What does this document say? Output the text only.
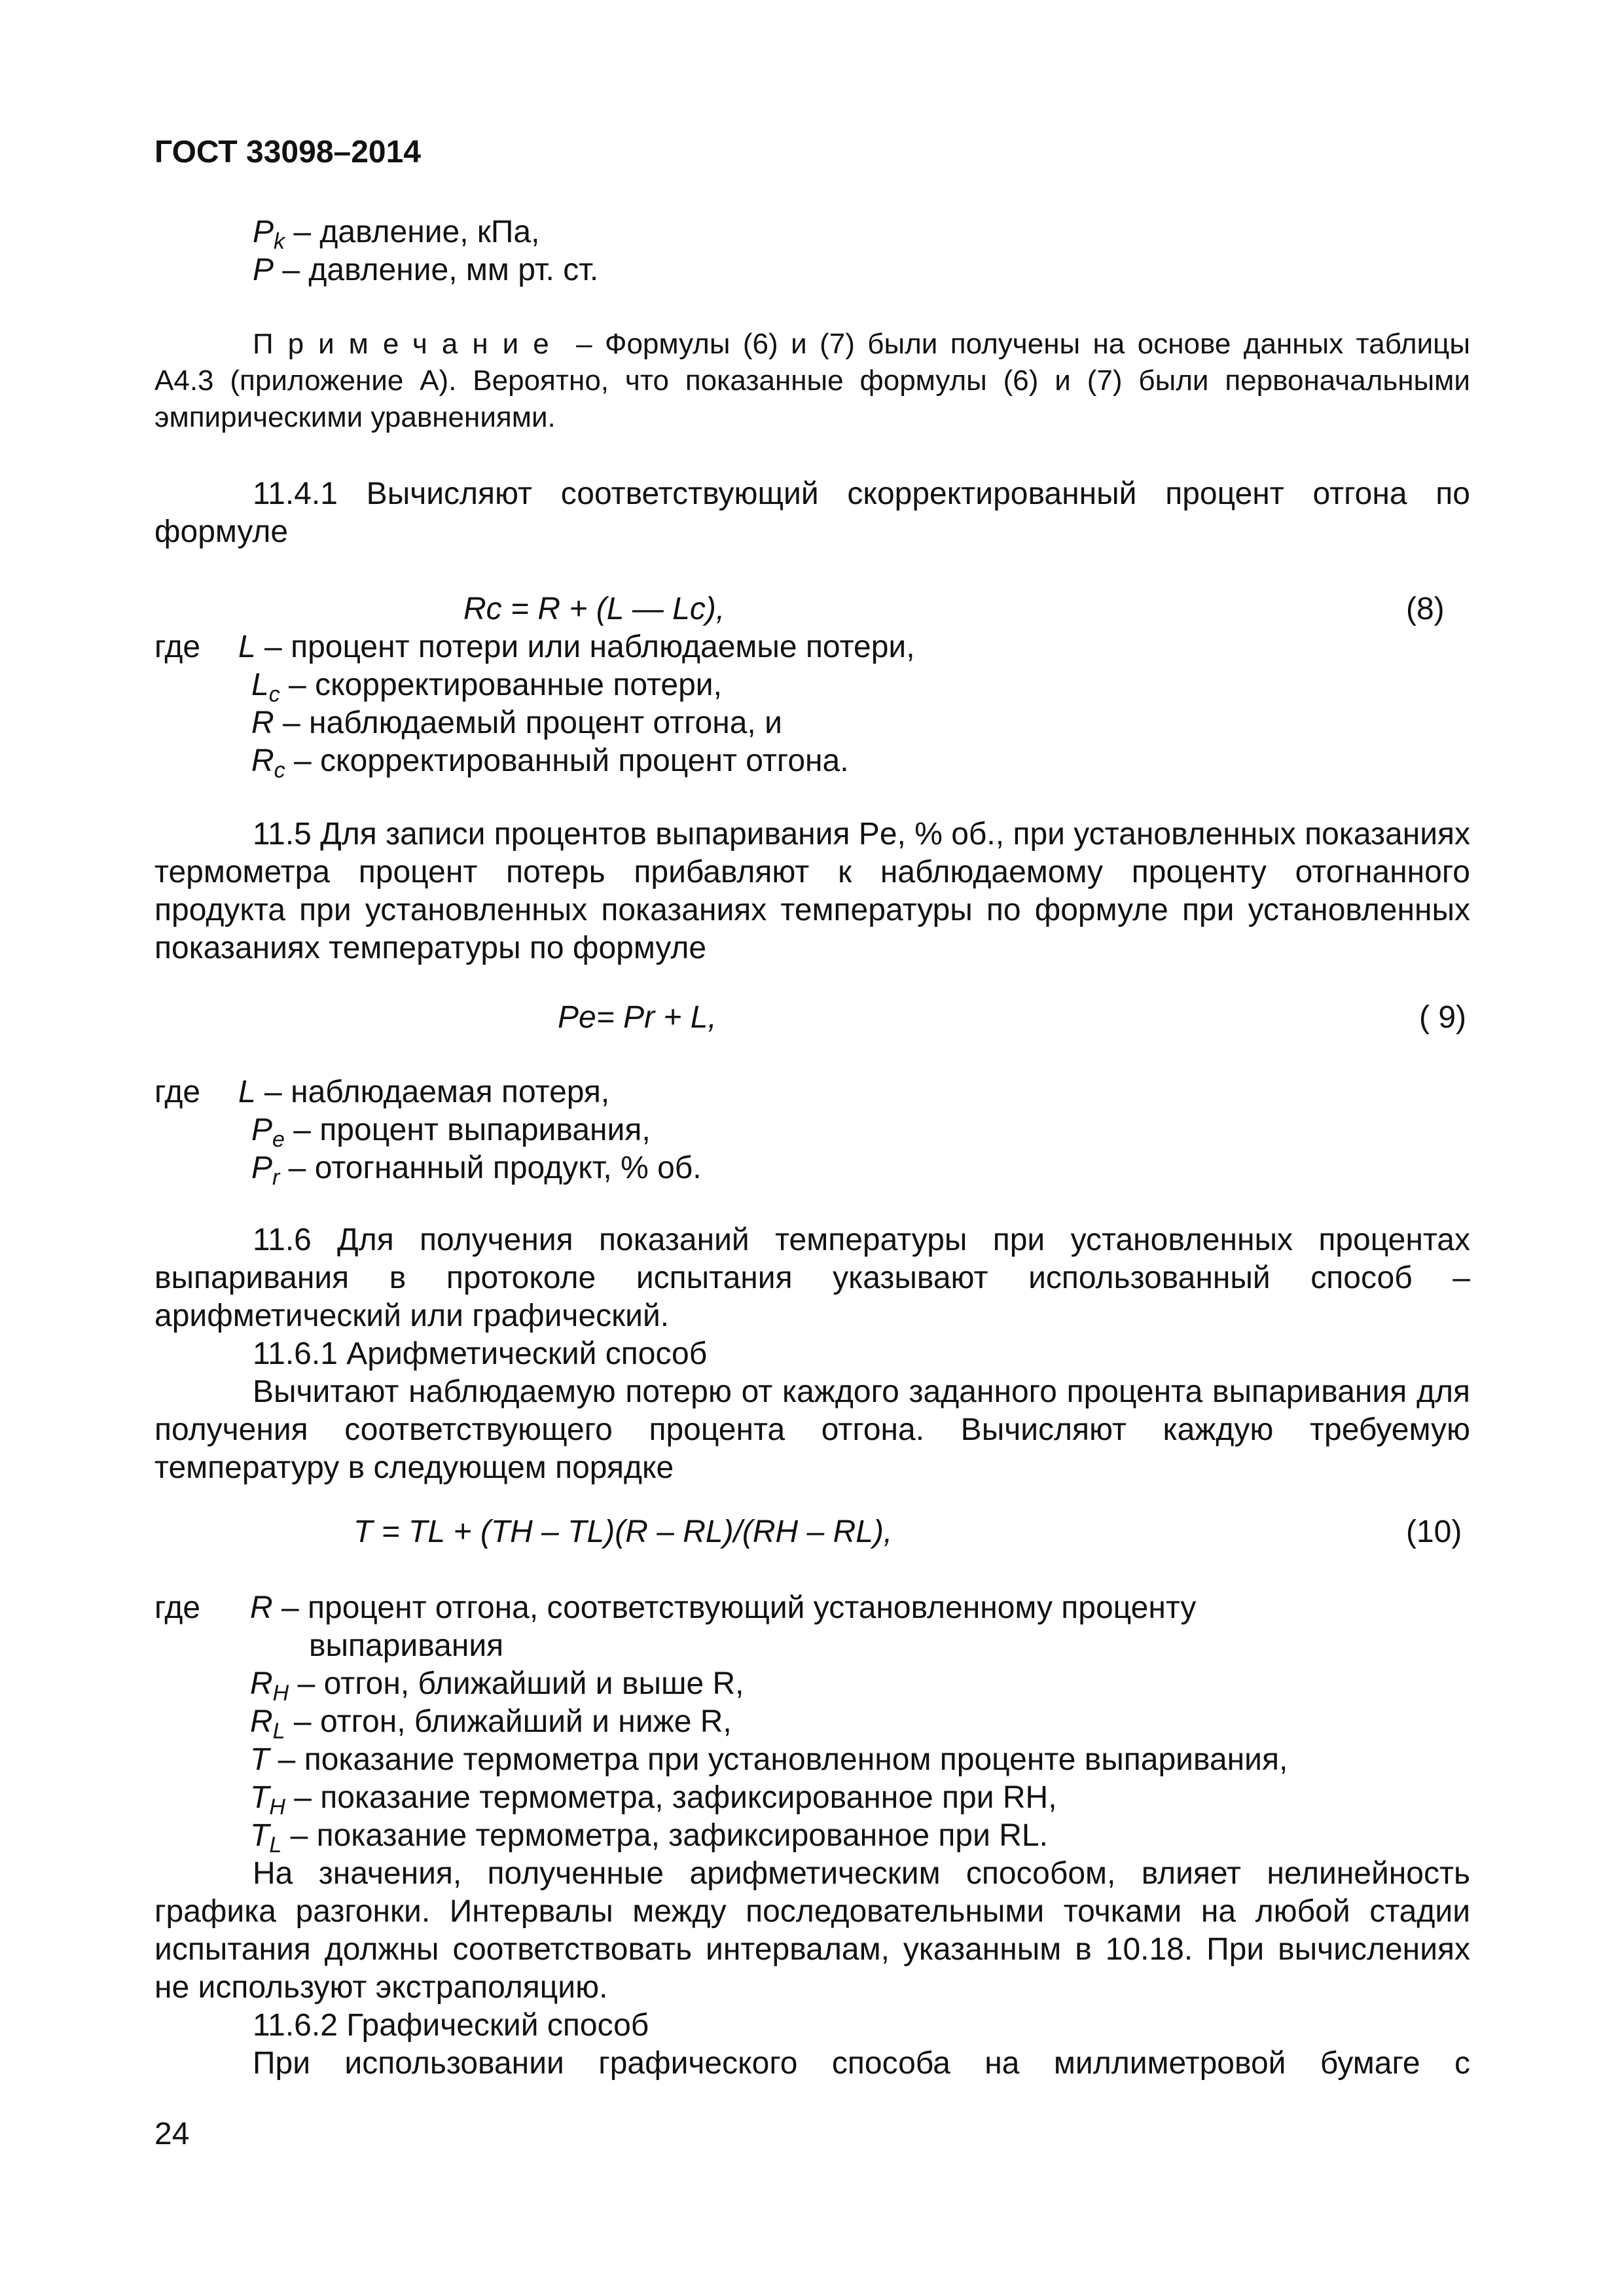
ГОСТ 33098–2014
$P_k$ – давление, кПа,
P – давление, мм рт. ст.
Примечание – Формулы (6) и (7) были получены на основе данных таблицы А4.3 (приложение А). Вероятно, что показанные формулы (6) и (7) были первоначальными эмпирическими уравнениями.
11.4.1 Вычисляют соответствующий скорректированный процент отгона по формуле
Rc = R + (L — Lc),	(8)
где L – процент потери или наблюдаемые потери,
$L_c$ – скорректированные потери,
R – наблюдаемый процент отгона, и
$R_c$ – скорректированный процент отгона.
11.5 Для записи процентов выпаривания Pe, % об., при установленных показаниях термометра процент потерь прибавляют к наблюдаемому проценту отогнанного продукта при установленных показаниях температуры по формуле при установленных показаниях температуры по формуле
Pe= Pr + L,	( 9)
где L – наблюдаемая потеря,
$P_e$ – процент выпаривания,
$P_r$ – отогнанный продукт, % об.
11.6 Для получения показаний температуры при установленных процентах выпаривания в протоколе испытания указывают использованный способ – арифметический или графический.
11.6.1 Арифметический способ
Вычитают наблюдаемую потерю от каждого заданного процента выпаривания для получения соответствующего процента отгона. Вычисляют каждую требуемую температуру в следующем порядке
T = TL + (TH – TL)(R – RL)/(RH – RL),	(10)
где R – процент отгона, соответствующий установленному проценту
выпаривания
$R_H$ – отгон, ближайший и выше R,
$R_L$ – отгон, ближайший и ниже R,
T – показание термометра при установленном проценте выпаривания,
$T_H$ – показание термометра, зафиксированное при RH,
$T_L$ – показание термометра, зафиксированное при RL.
На значения, полученные арифметическим способом, влияет нелинейность графика разгонки. Интервалы между последовательными точками на любой стадии испытания должны соответствовать интервалам, указанным в 10.18. При вычислениях не используют экстраполяцию.
11.6.2 Графический способ
При использовании графического способа на миллиметровой бумаге с
24
